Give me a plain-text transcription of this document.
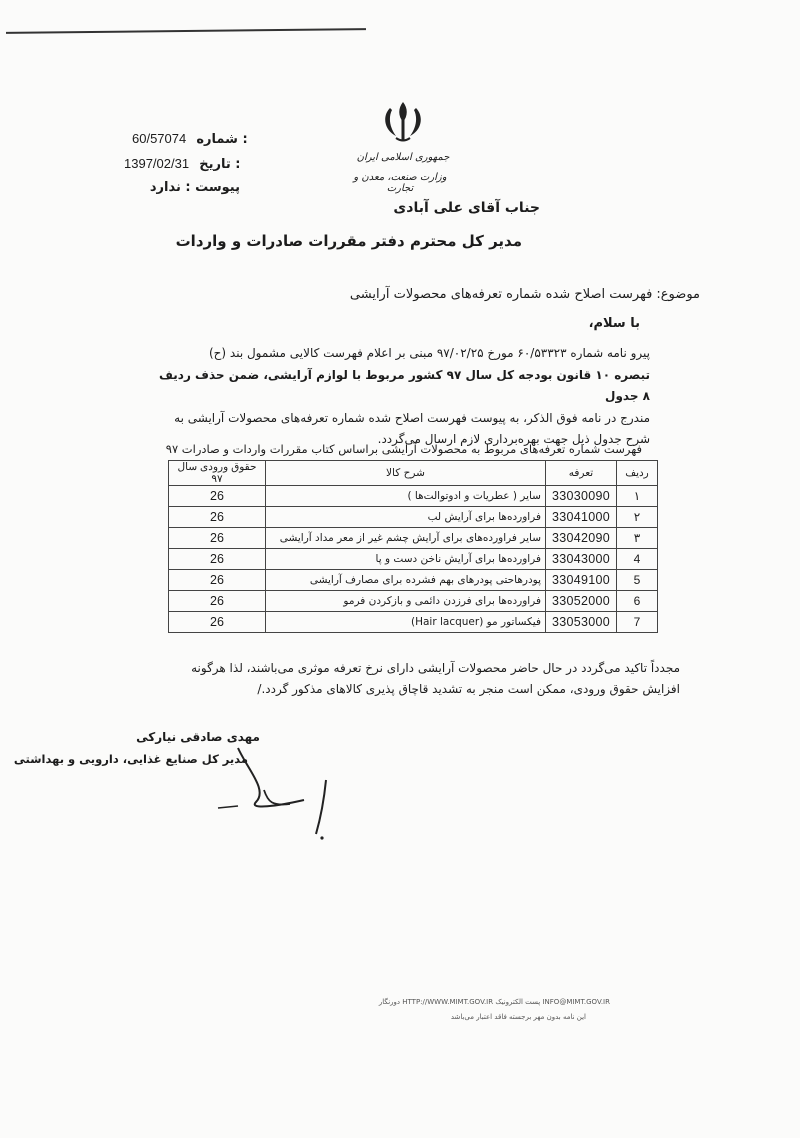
جمهوری اسلامی ایران
وزارت صنعت، معدن و تجارت
60/57074 شماره :
1397/02/31 تاریخ :
پیوست : ندارد
جناب آقای علی آبادی
مدیر کل محترم دفتر مقررات صادرات و واردات
موضوع: فهرست اصلاح شده شماره تعرفه‌های محصولات آرایشی
با سلام،
پیرو نامه شماره ۶۰/۵۳۳۲۳ مورخ ۹۷/۰۲/۲۵ مبنی بر اعلام فهرست کالایی مشمول بند (ح)
تبصره ۱۰ قانون بودجه کل سال ۹۷ کشور مربوط با لوازم آرایشی، ضمن حذف ردیف ۸ جدول
مندرج در نامه فوق الذکر، به پیوست فهرست اصلاح شده شماره تعرفه‌های محصولات آرایشی به
شرح جدول ذیل جهت بهره‌برداری لازم ارسال می‌گردد.
فهرست شماره تعرفه‌های مربوط به محصولات آرایشی براساس کتاب مقررات واردات و صادرات ۹۷
ردیف	تعرفه	شرح کالا	حقوق ورودی سال ۹۷
۱	33030090	سایر ( عطریات و ادوتوالت‌ها )	26
۲	33041000	فراورده‌ها برای آرایش لب	26
۳	33042090	سایر فراورده‌های برای آرایش چشم غیر از معر مداد آرایشی	26
4	33043000	فراورده‌ها برای آرایش ناخن دست و پا	26
5	33049100	پودرهاحتی پودرهای بهم فشرده برای مصارف آرایشی	26
6	33052000	فراورده‌ها برای فرزدن دائمی و بازکردن فرمو	26
7	33053000	فیکساتور مو (Hair lacquer)	26
مجدداً تاکید می‌گردد در حال حاضر محصولات آرایشی دارای نرخ تعرفه موثری می‌باشند، لذا هرگونه
افزایش حقوق ورودی، ممکن است منجر به تشدید قاچاق پذیری کالاهای مذکور گردد./
مهدی صادقی نیارکی
مدیر کل صنایع غذایی، دارویی و بهداشتی
INFO@MIMT.GOV.IR پست الکترونیک HTTP://WWW.MIMT.GOV.IR دورنگار
این نامه بدون مهر برجسته فاقد اعتبار می‌باشد
